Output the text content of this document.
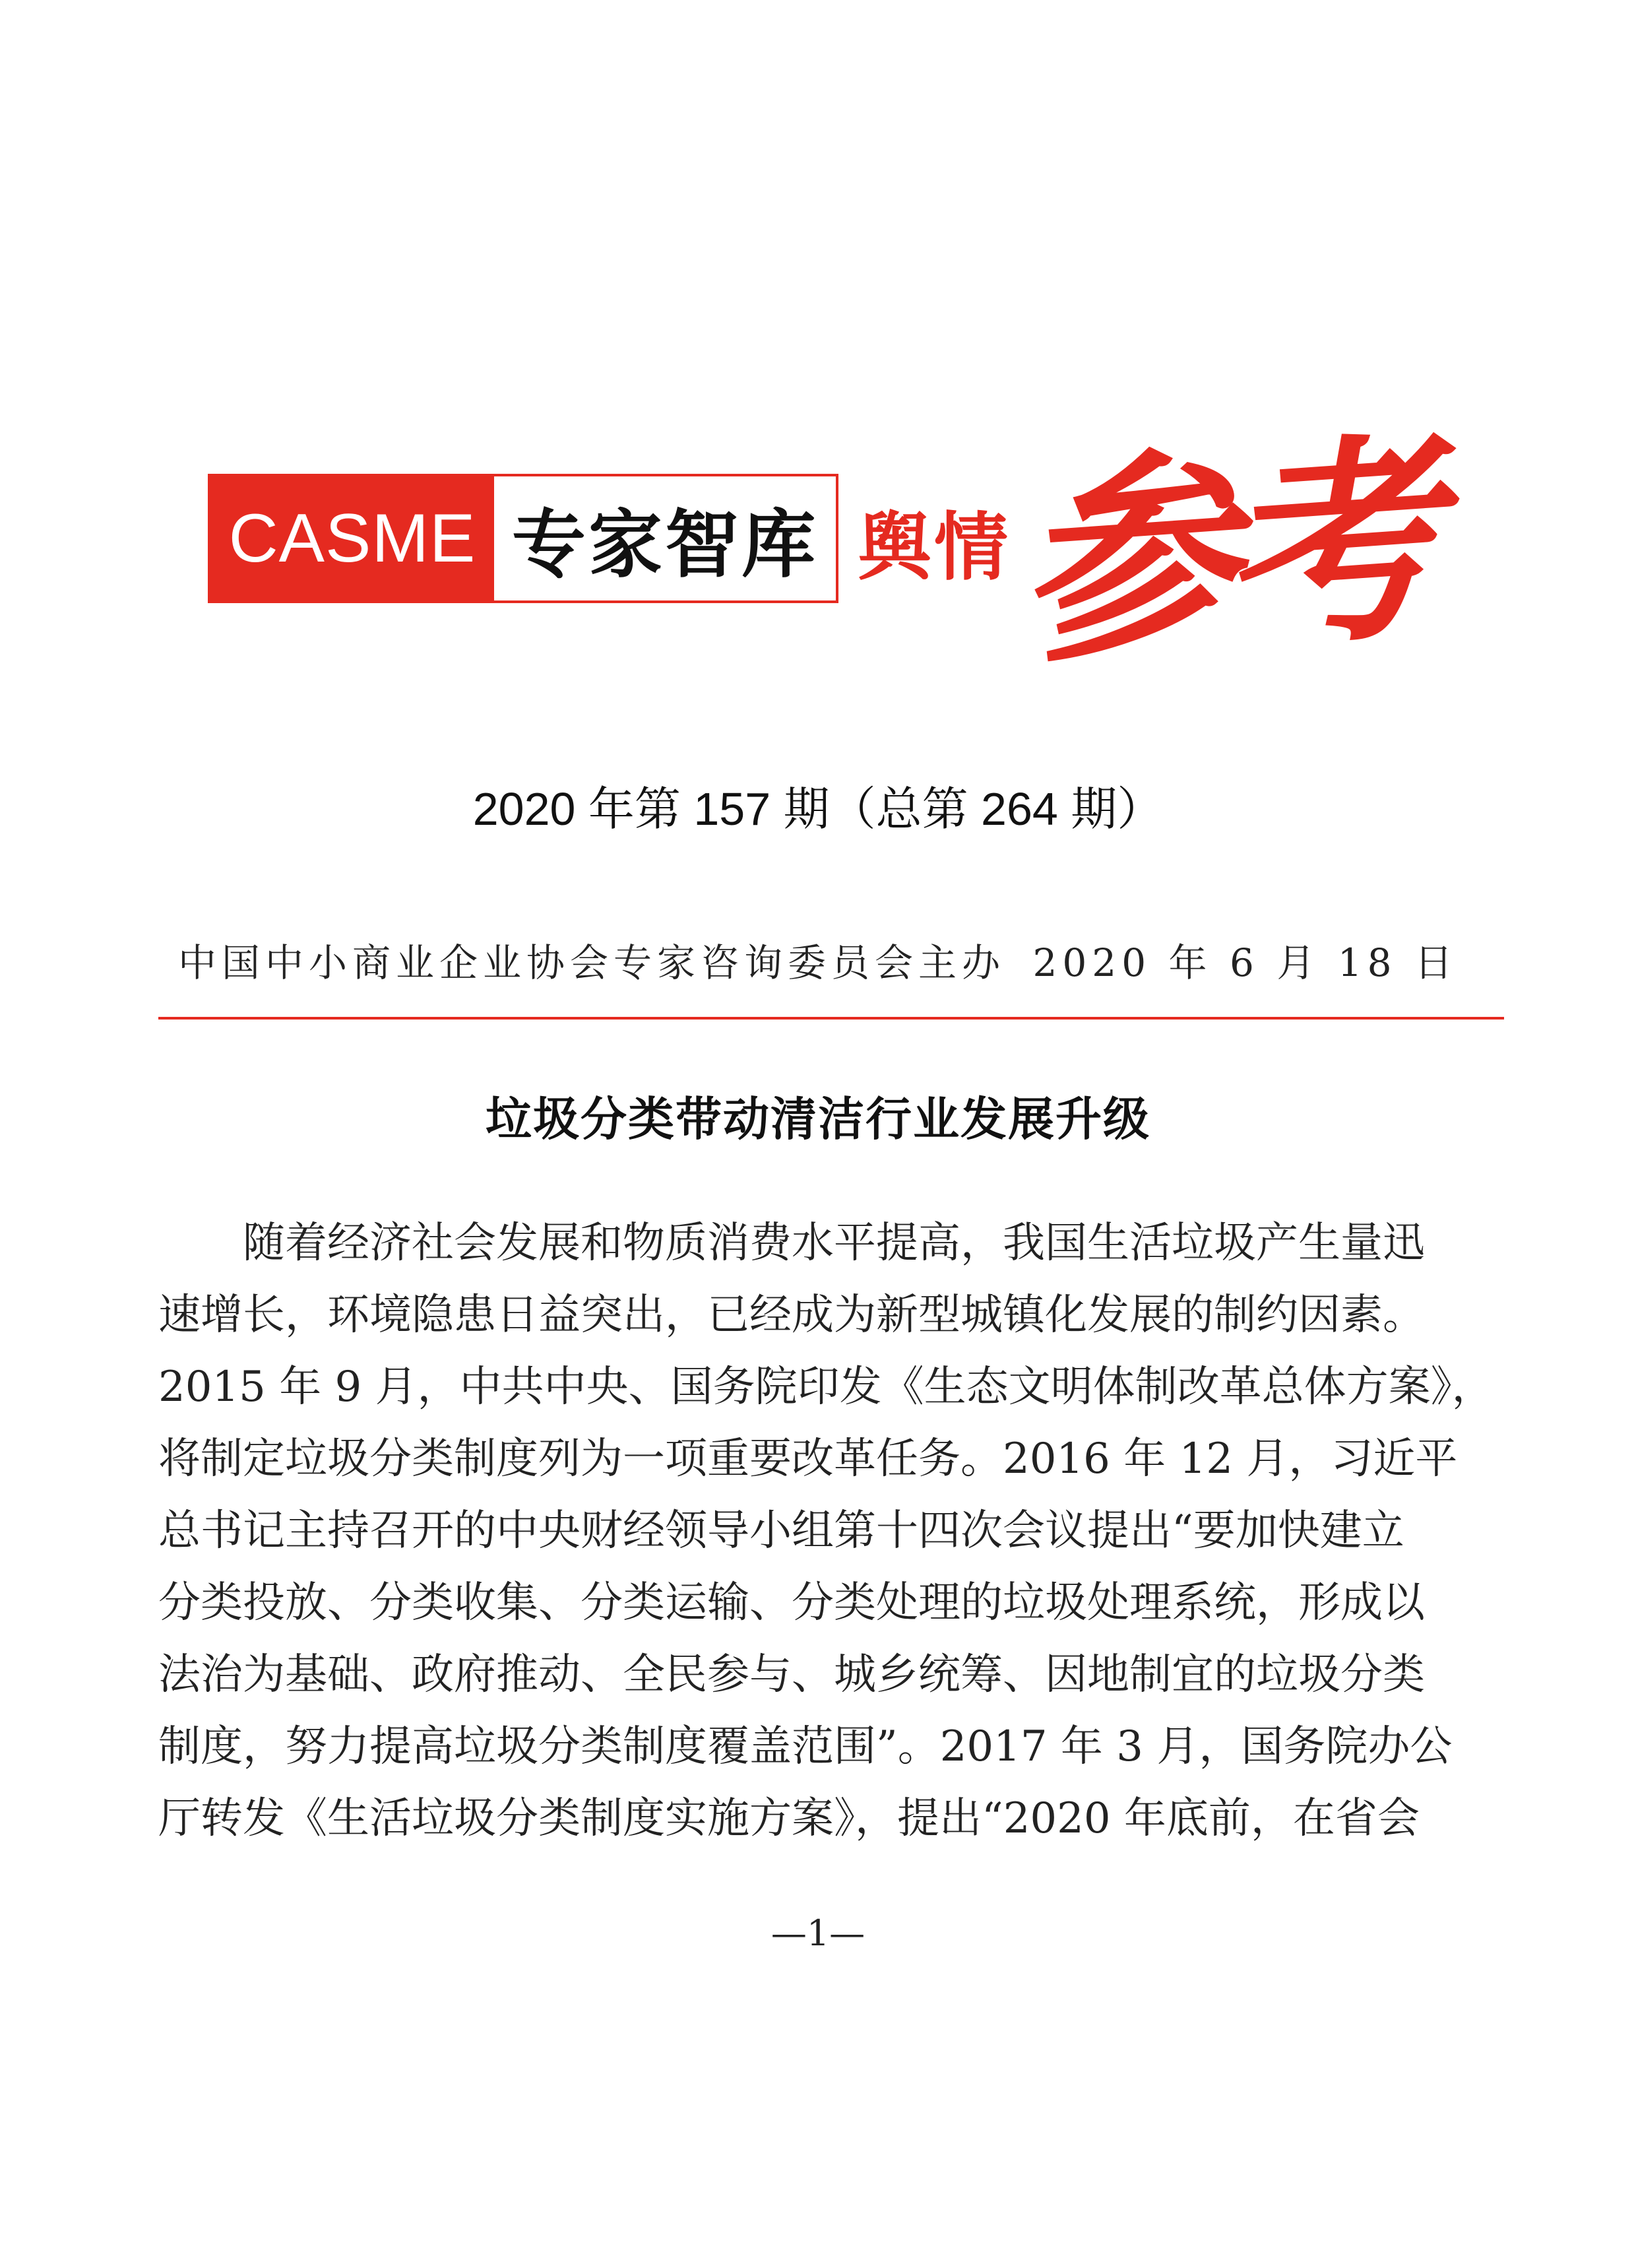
CASME 专家智库 舆情
参考
2020 年第 157 期（总第 264 期）
中国中小商业企业协会专家咨询委员会主办 2020 年 6 月 18 日
垃圾分类带动清洁行业发展升级
随着经济社会发展和物质消费水平提高，我国生活垃圾产生量迅
速增长，环境隐患日益突出，已经成为新型城镇化发展的制约因素。
2015 年 9 月，中共中央、国务院印发《生态文明体制改革总体方案》，
将制定垃圾分类制度列为一项重要改革任务。2016 年 12 月，习近平
总书记主持召开的中央财经领导小组第十四次会议提出“要加快建立
分类投放、分类收集、分类运输、分类处理的垃圾处理系统，形成以
法治为基础、政府推动、全民参与、城乡统筹、因地制宜的垃圾分类
制度，努力提高垃圾分类制度覆盖范围”。2017 年 3 月，国务院办公
厅转发《生活垃圾分类制度实施方案》，提出“2020 年底前，在省会
—1—
